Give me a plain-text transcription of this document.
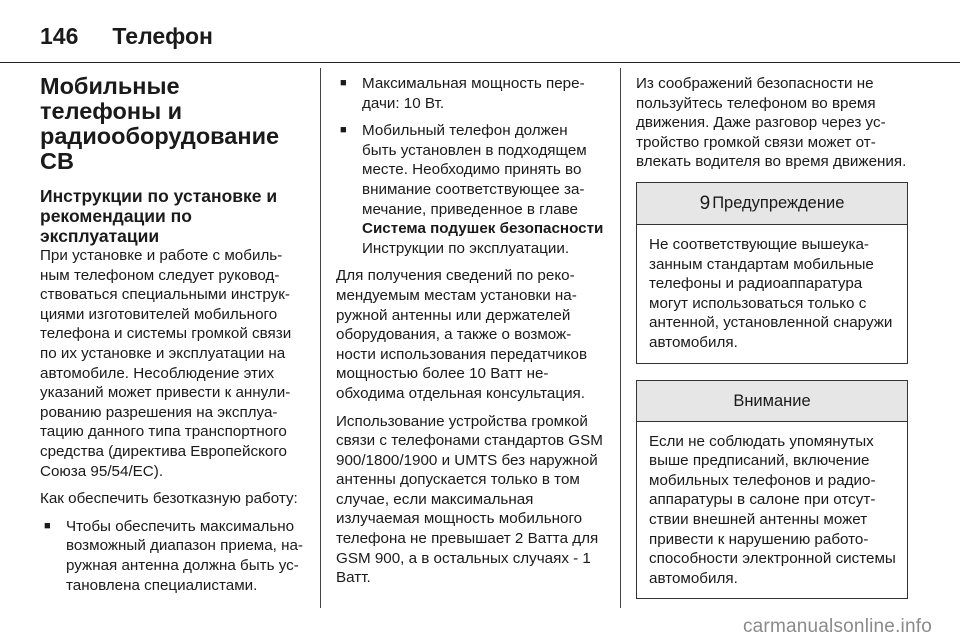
146 Телефон
Мобильные телефоны и радиооборудование СВ
Инструкции по установке и рекомендации по эксплуатации

При установке и работе с мобильным телефоном следует руководствоваться специальными инструкциями изготовителей мобильного телефона и системы громкой связи по их установке и эксплуатации на автомобиле. Несоблюдение этих указаний может привести к аннулированию разрешения на эксплуатацию данного типа транспортного средства (директива Европейского Союза 95/54/EC).

Как обеспечить безотказную работу:

■	Чтобы обеспечить максимально возможный диапазон приема, наружная антенна должна быть установлена специалистами.
■	Максимальная мощность передачи: 10 Вт.
■	Мобильный телефон должен быть установлен в подходящем месте. Необходимо принять во внимание соответствующее замечание, приведенное в главе
Система подушек безопасности
Инструкции по эксплуатации.

Для получения сведений по рекомендуемым местам установки наружной антенны или держателей оборудования, а также о возможности использования передатчиков мощностью более 10 Ватт необходима отдельная консультация.

Использование устройства громкой связи с телефонами стандартов GSM 900/1800/1900 и UMTS без наружной антенны допускается только в том случае, если максимальная излучаемая мощность мобильного телефона не превышает 2 Ватта для GSM 900, а в остальных случаях - 1 Ватт.

Из соображений безопасности не пользуйтесь телефоном во время движения. Даже разговор через устройство громкой связи может отвлекать водителя во время движения.

9 Предупреждение
Не соответствующие вышеуказанным стандартам мобильные телефоны и радиоаппаратура могут использоваться только с антенной, установленной снаружи автомобиля.
Внимание
Если не соблюдать упомянутых выше предписаний, включение мобильных телефонов и радиоаппаратуры в салоне при отсутствии внешней антенны может привести к нарушению работоспособности электронной системы автомобиля.
carmanualsonline.info
